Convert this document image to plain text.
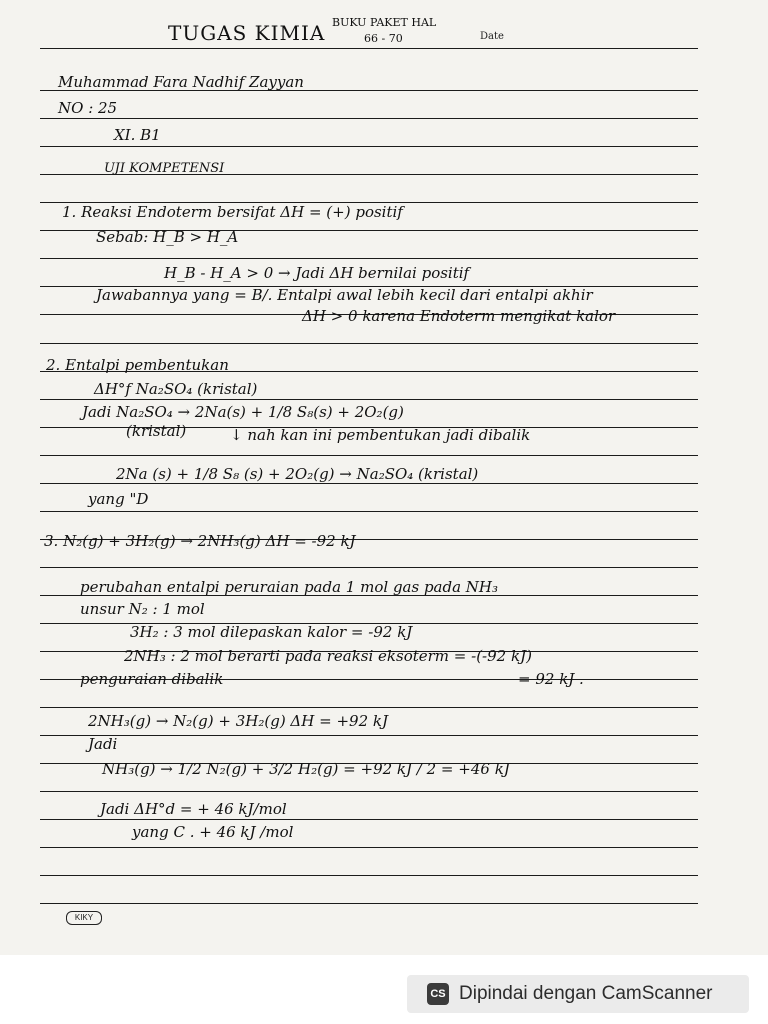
TUGAS KIMIA BUKU PAKET HAL
66 - 70	Date
Muhammad Fara Nadhif Zayyan
NO : 25
XI. B1
UJI KOMPETENSI
1. Reaksi Endoterm bersifat ΔH = (+) positif
Sebab: H_B > H_A
H_B - H_A > 0 → Jadi ΔH bernilai positif
Jawabannya yang = B/. Entalpi awal lebih kecil dari entalpi akhir
ΔH > 0 karena Endoterm mengikat kalor
2. Entalpi pembentukan
ΔH°f Na₂SO₄ (kristal)
Jadi Na₂SO₄ → 2Na(s) + 1/8 S₈(s) + 2O₂(g)
(kristal)	↓ nah kan ini pembentukan jadi dibalik
2Na (s) + 1/8 S₈ (s) + 2O₂(g) → Na₂SO₄ (kristal)
yang "D
3. N₂(g) + 3H₂(g) → 2NH₃(g) ΔH = -92 kJ
perubahan entalpi peruraian pada 1 mol gas pada NH₃
unsur N₂ : 1 mol
3H₂ : 3 mol dilepaskan kalor = -92 kJ
2NH₃ : 2 mol berarti pada reaksi eksoterm = -(-92 kJ)
penguraian dibalik	= 92 kJ .
2NH₃(g) → N₂(g) + 3H₂(g) ΔH = +92 kJ
Jadi
NH₃(g) → 1/2 N₂(g) + 3/2 H₂(g) = +92 kJ / 2 = +46 kJ
Jadi ΔH°d = + 46 kJ/mol
yang C . + 46 kJ /mol
KIKY
CS Dipindai dengan CamScanner
